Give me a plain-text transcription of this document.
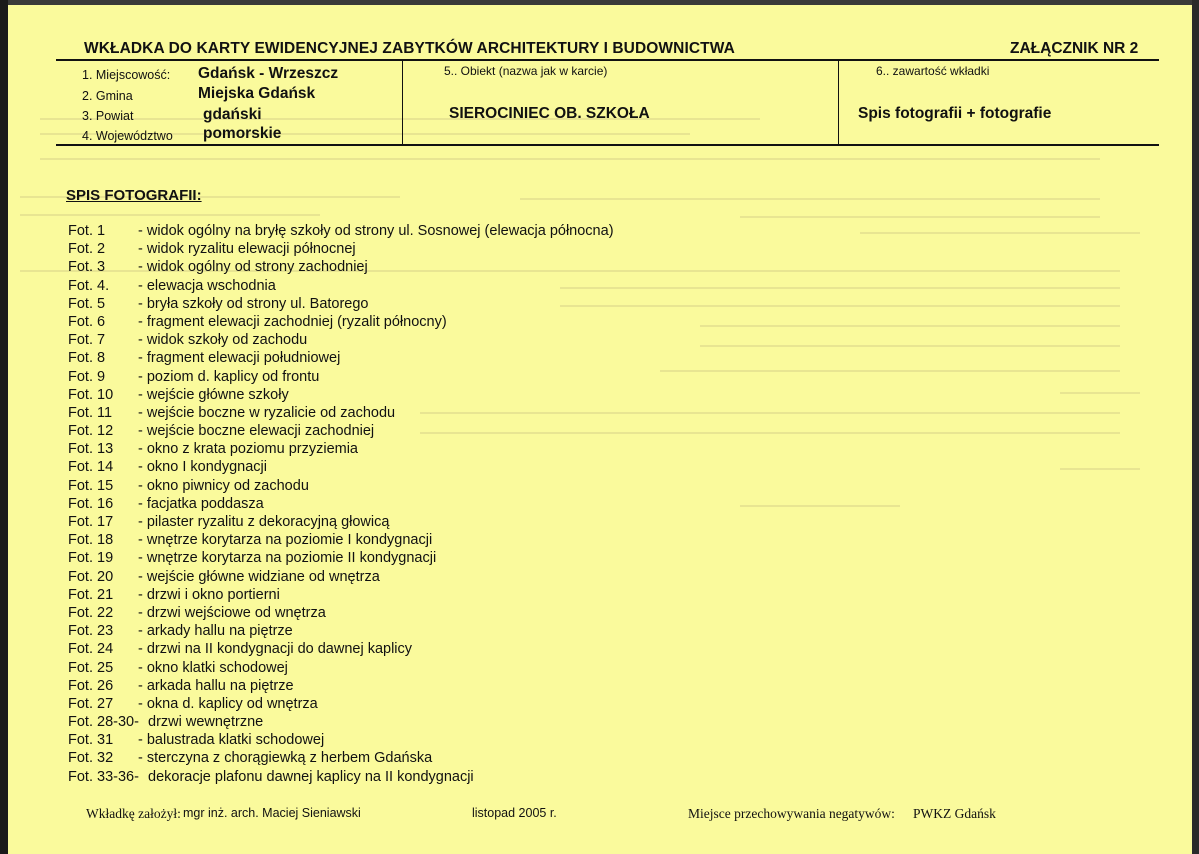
WKŁADKA DO KARTY EWIDENCYJNEJ ZABYTKÓW ARCHITEKTURY I BUDOWNICTWA	ZAŁĄCZNIK NR 2
1. Miejscowość: Gdańsk - Wrzeszcz
2. Gmina	Miejska Gdańsk
3. Powiat	gdański
4. Województwo pomorskie
5.. Obiekt (nazwa jak w karcie)
SIEROCINIEC OB. SZKOŁA
6.. zawartość wkładki
Spis fotografii + fotografie
SPIS FOTOGRAFII:
Fot. 1 - widok ogólny na bryłę szkoły od strony ul. Sosnowej (elewacja północna)
Fot. 2 - widok ryzalitu elewacji północnej
Fot. 3 - widok ogólny od strony zachodniej
Fot. 4. - elewacja wschodnia
Fot. 5 - bryła szkoły od strony ul. Batorego
Fot. 6 - fragment elewacji zachodniej (ryzalit północny)
Fot. 7 - widok szkoły od zachodu
Fot. 8 - fragment elewacji południowej
Fot. 9 - poziom d. kaplicy od frontu
Fot. 10 - wejście główne szkoły
Fot. 11 - wejście boczne w ryzalicie od zachodu
Fot. 12 - wejście boczne elewacji zachodniej
Fot. 13 - okno z krata poziomu przyziemia
Fot. 14 - okno I kondygnacji
Fot. 15 - okno piwnicy od zachodu
Fot. 16 - facjatka poddasza
Fot. 17 - pilaster ryzalitu z dekoracyjną głowicą
Fot. 18 - wnętrze korytarza na poziomie I kondygnacji
Fot. 19 - wnętrze korytarza na poziomie II kondygnacji
Fot. 20 - wejście główne widziane od wnętrza
Fot. 21 - drzwi i okno portierni
Fot. 22 - drzwi wejściowe od wnętrza
Fot. 23 - arkady hallu na piętrze
Fot. 24 - drzwi na II kondygnacji do dawnej kaplicy
Fot. 25 - okno klatki schodowej
Fot. 26 - arkada hallu na piętrze
Fot. 27 - okna d. kaplicy od wnętrza
Fot. 28-30- drzwi wewnętrzne
Fot. 31 - balustrada klatki schodowej
Fot. 32 - sterczyna z chorągiewką z herbem Gdańska
Fot. 33-36- dekoracje plafonu dawnej kaplicy na II kondygnacji
Wkładkę założył: mgr inż. arch. Maciej Sieniawski	listopad 2005 r.	Miejsce przechowywania negatywów: PWKZ Gdańsk
